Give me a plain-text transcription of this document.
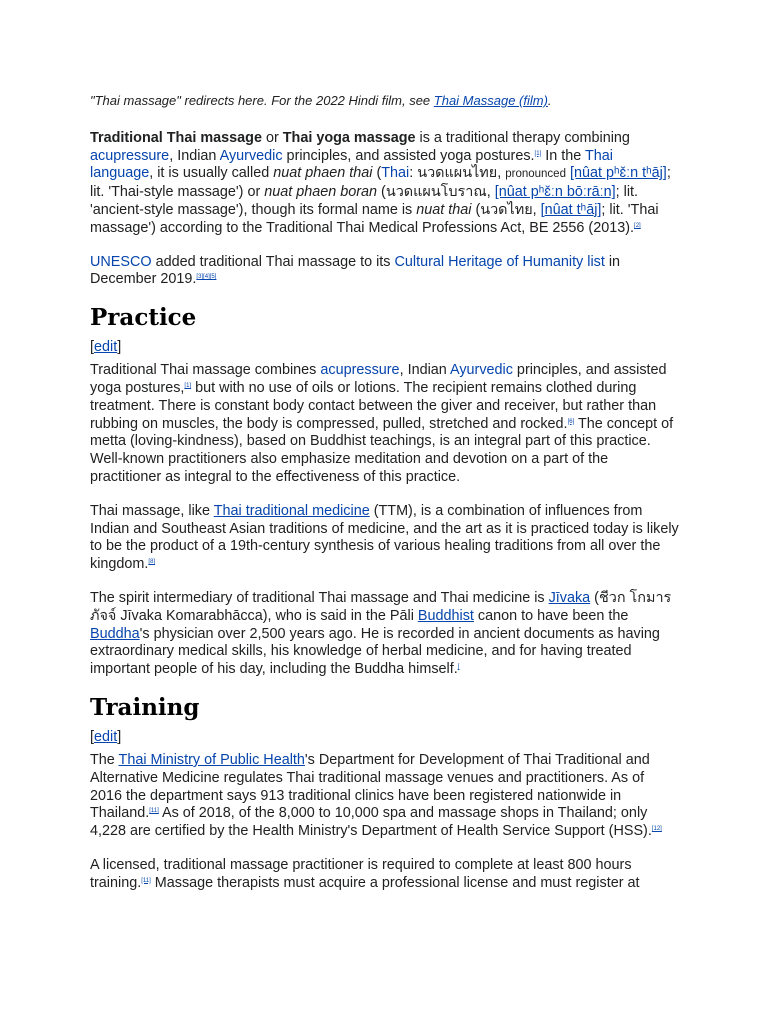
"Thai massage" redirects here. For the 2022 Hindi film, see Thai Massage (film).

Traditional Thai massage or Thai yoga massage is a traditional therapy combining acupressure, Indian Ayurvedic principles, and assisted yoga postures.[1] In the Thai language, it is usually called nuat phaen thai (Thai: นวดแผนไทย, pronounced [nûat pʰɛ̌ːn tʰāj]; lit. 'Thai-style massage') or nuat phaen boran (นวดแผนโบราณ, [nûat pʰɛ̌ːn bōːrāːn]; lit. 'ancient-style massage'), though its formal name is nuat thai (นวดไทย, [nûat tʰāj]; lit. 'Thai massage') according to the Traditional Thai Medical Professions Act, BE 2556 (2013).[2]

UNESCO added traditional Thai massage to its Cultural Heritage of Humanity list in December 2019.[3][4][5]

Practice
[edit]

Traditional Thai massage combines acupressure, Indian Ayurvedic principles, and assisted yoga postures,[1] but with no use of oils or lotions. The recipient remains clothed during treatment. There is constant body contact between the giver and receiver, but rather than rubbing on muscles, the body is compressed, pulled, stretched and rocked.[6] The concept of metta (loving-kindness), based on Buddhist teachings, is an integral part of this practice. Well-known practitioners also emphasize meditation and devotion on a part of the practitioner as integral to the effectiveness of this practice.

Thai massage, like Thai traditional medicine (TTM), is a combination of influences from Indian and Southeast Asian traditions of medicine, and the art as it is practiced today is likely to be the product of a 19th-century synthesis of various healing traditions from all over the kingdom.[8]

The spirit intermediary of traditional Thai massage and Thai medicine is Jīvaka (ชีวก โกมารภัจจ์ Jīvaka Komarabhācca), who is said in the Pāli Buddhist canon to have been the Buddha's physician over 2,500 years ago. He is recorded in ancient documents as having extraordinary medical skills, his knowledge of herbal medicine, and for having treated important people of his day, including the Buddha himself.[

Training
[edit]

The Thai Ministry of Public Health's Department for Development of Thai Traditional and Alternative Medicine regulates Thai traditional massage venues and practitioners. As of 2016 the department says 913 traditional clinics have been registered nationwide in Thailand.[11] As of 2018, of the 8,000 to 10,000 spa and massage shops in Thailand; only 4,228 are certified by the Health Ministry's Department of Health Service Support (HSS).[12]

A licensed, traditional massage practitioner is required to complete at least 800 hours training.[11] Massage therapists must acquire a professional license and must register at
